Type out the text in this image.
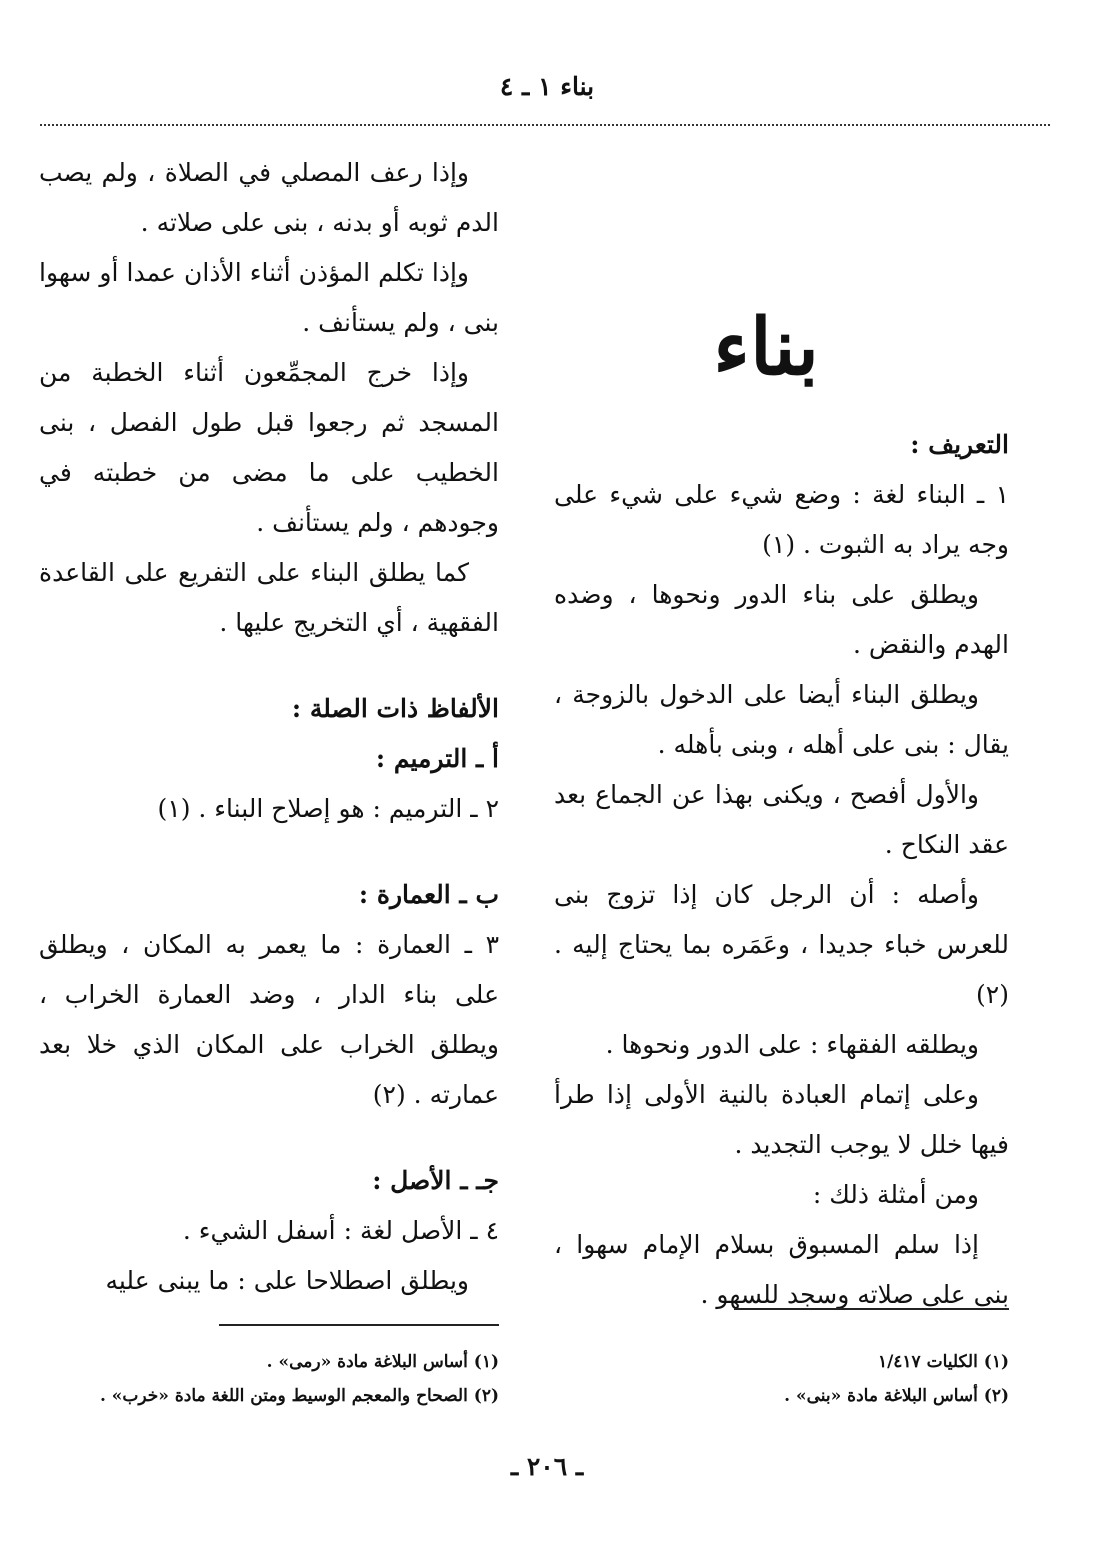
بناء ١ ـ ٤
بناء

التعريف :

١ ـ البناء لغة : وضع شيء على شيء على وجه يراد به الثبوت . (١)

ويطلق على بناء الدور ونحوها ، وضده الهدم والنقض .

ويطلق البناء أيضا على الدخول بالزوجة ، يقال : بنى على أهله ، وبنى بأهله .

والأول أفصح ، ويكنى بهذا عن الجماع بعد عقد النكاح .

وأصله : أن الرجل كان إذا تزوج بنى للعرس خباء جديدا ، وعَمَره بما يحتاج إليه . (٢)

ويطلقه الفقهاء : على الدور ونحوها .

وعلى إتمام العبادة بالنية الأولى إذا طرأ فيها خلل لا يوجب التجديد .

ومن أمثلة ذلك :

إذا سلم المسبوق بسلام الإمام سهوا ، بنى على صلاته وسجد للسهو .

(١) الكليات ١/٤١٧
(٢) أساس البلاغة مادة «بنى» .

وإذا رعف المصلي في الصلاة ، ولم يصب الدم ثوبه أو بدنه ، بنى على صلاته .

وإذا تكلم المؤذن أثناء الأذان عمدا أو سهوا بنى ، ولم يستأنف .

وإذا خرج المجمِّعون أثناء الخطبة من المسجد ثم رجعوا قبل طول الفصل ، بنى الخطيب على ما مضى من خطبته في وجودهم ، ولم يستأنف .

كما يطلق البناء على التفريع على القاعدة الفقهية ، أي التخريج عليها .

الألفاظ ذات الصلة :

أ ـ الترميم :

٢ ـ الترميم : هو إصلاح البناء . (١)

ب ـ العمارة :

٣ ـ العمارة : ما يعمر به المكان ، ويطلق على بناء الدار ، وضد العمارة الخراب ، ويطلق الخراب على المكان الذي خلا بعد عمارته . (٢)

جـ ـ الأصل :

٤ ـ الأصل لغة : أسفل الشيء .

ويطلق اصطلاحا على : ما يبنى عليه

(١) أساس البلاغة مادة «رمى» .
(٢) الصحاح والمعجم الوسيط ومتن اللغة مادة «خرب» .
ـ ٢٠٦ ـ
